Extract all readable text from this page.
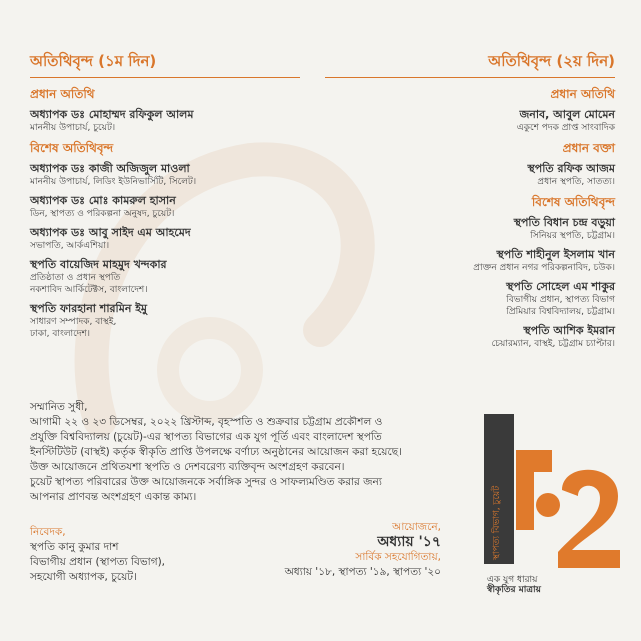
অতিথিবৃন্দ (১ম দিন)
প্রধান অতিথি
অধ্যাপক ডঃ মোহাম্মদ রফিকুল আলম
মাননীয় উপাচার্য, চুয়েট।
বিশেষ অতিথিবৃন্দ
অধ্যাপক ডঃ কাজী অজিজুল মাওলা
মাননীয় উপাচার্য, লিডিং ইউনিভার্সিটি, সিলেট।
অধ্যাপক ডঃ মোঃ কামরুল হাসান
ডিন, স্থাপত্য ও পরিকল্পনা অনুষদ, চুয়েট।
অধ্যাপক ডঃ আবু সাইদ এম আহমেদ
সভাপতি, আর্কএশিয়া।
স্থপতি বায়েজিদ মাহমুদ খন্দকার
প্রতিষ্ঠাতা ও প্রধান স্থপতি
নকশাবিদ আর্কিটেক্টস, বাংলাদেশ।
স্থপতি ফারহানা শারমিন ইমু
সাধারণ সম্পাদক, বাস্থই,
ঢাকা, বাংলাদেশ।
অতিথিবৃন্দ (২য় দিন)
প্রধান অতিথি
জনাব, আবুল মোমেন
একুশে পদক প্রাপ্ত সাংবাদিক
প্রধান বক্তা
স্থপতি রফিক আজম
প্রধান স্থপতি, সাতত্য।
বিশেষ অতিথিবৃন্দ
স্থপতি বিধান চন্দ্র বড়ুয়া
সিনিয়র স্থপতি, চট্টগ্রাম।
স্থপতি শাহীনুল ইসলাম খান
প্রাক্তন প্রধান নগর পরিকল্পনাবিদ, চউক।
স্থপতি সোহেল এম শাকুর
বিভাগীয় প্রধান, স্থাপত্য বিভাগ
প্রিমিয়ার বিশ্ববিদ্যালয়, চট্টগ্রাম।
স্থপতি আশিক ইমরান
চেয়ারম্যান, বাস্থই, চট্টগ্রাম চ্যাপ্টার।

সম্মানিত সুধী,

আগামী ২২ ও ২৩ ডিসেম্বর, ২০২২ খ্রিস্টাব্দ, বৃহস্পতি ও শুক্রবার চট্টগ্রাম প্রকৌশল ও

প্রযুক্তি বিশ্ববিদ্যালয় (চুয়েট)-এর স্থাপত্য বিভাগের এক যুগ পূর্তি এবং বাংলাদেশ স্থপতি

ইনস্টিটিউট (বাস্থই) কর্তৃক স্বীকৃতি প্রাপ্তি উপলক্ষে বর্ণাঢ্য অনুষ্ঠানের আয়োজন করা হয়েছে।

উক্ত আয়োজনে প্রথিতযশা স্থপতি ও দেশবরেণ্য ব্যক্তিবৃন্দ অংশগ্রহণ করবেন।

চুয়েট স্থাপত্য পরিবারের উক্ত আয়োজনকে সর্বাঙ্গিক সুন্দর ও সাফল্যমণ্ডিত করার জন্য

আপনার প্রাণবন্ত অংশগ্রহণ একান্ত কাম্য।

নিবেদক,
স্থপতি কানু কুমার দাশ
বিভাগীয় প্রধান (স্থাপত্য বিভাগ),
সহযোগী অধ্যাপক, চুয়েট।
আয়োজনে,
অধ্যায় '১৭
সার্বিক সহযোগিতায়,
অধ্যায় '১৮, স্থাপত্য '১৯, স্থাপত্য '২০
স্থাপত্য বিভাগ, চুয়েট
এক যুগ ধারায়
স্বীকৃতির মাত্রায়
